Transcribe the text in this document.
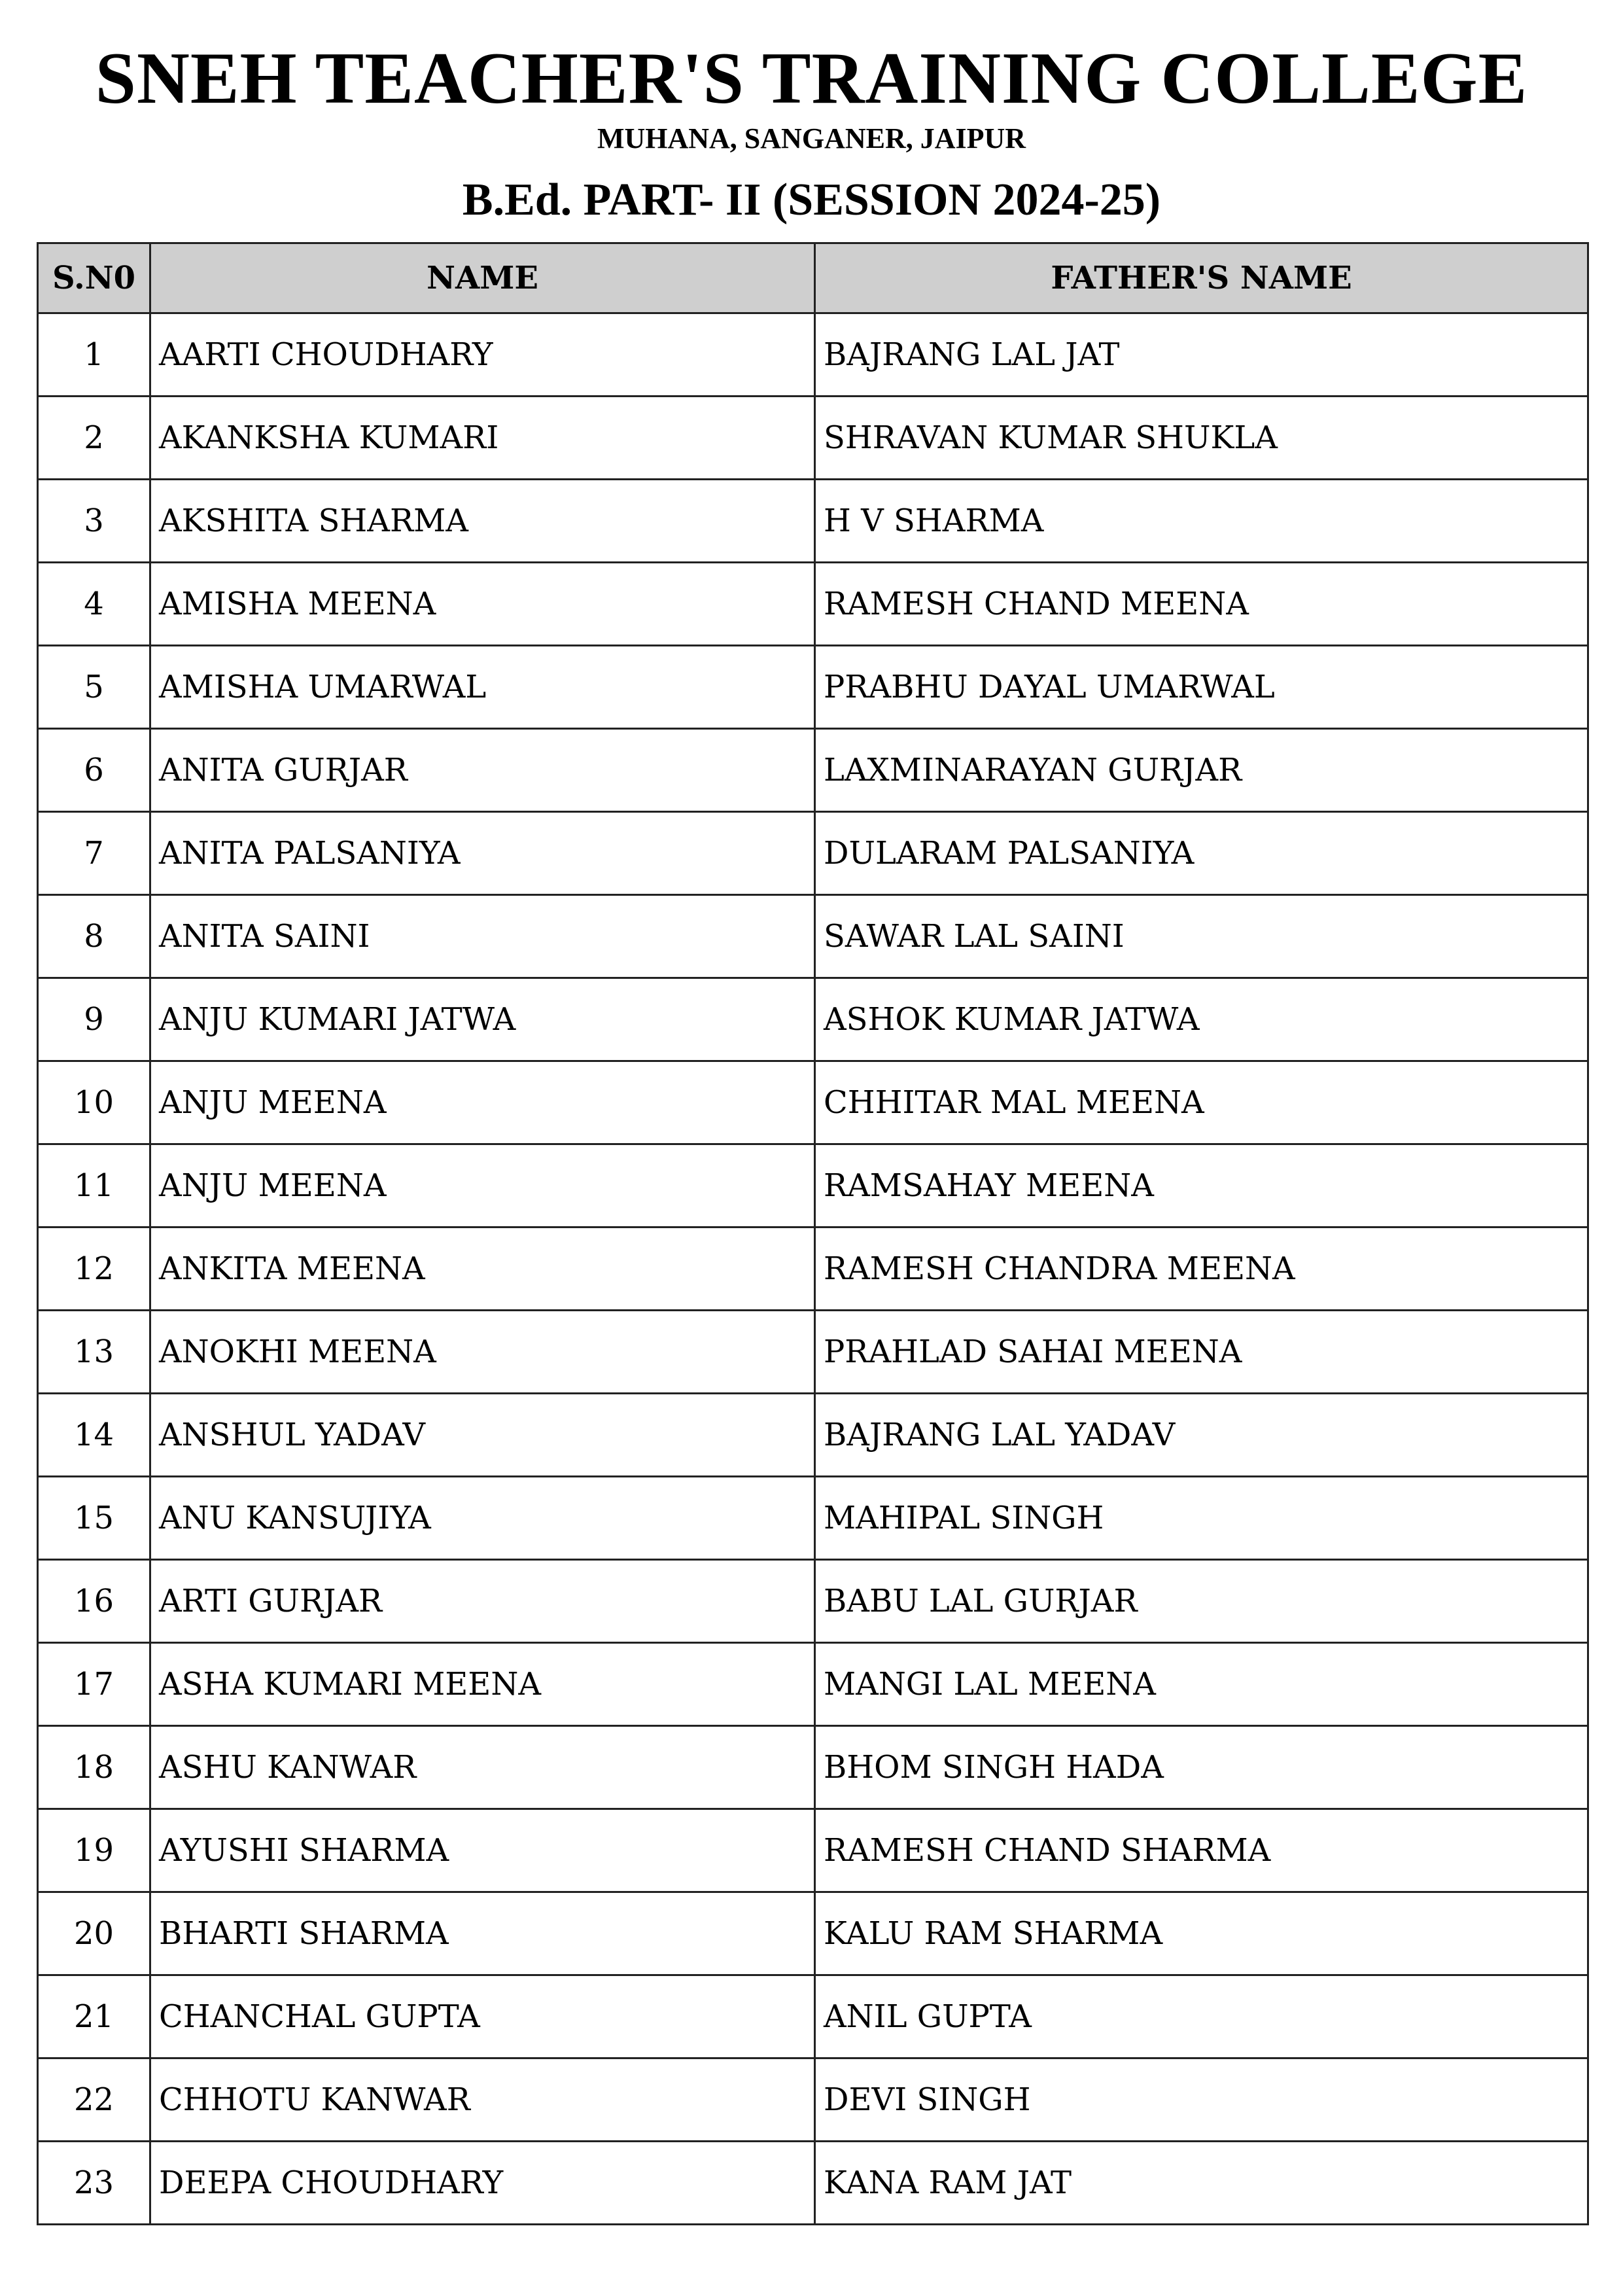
SNEH TEACHER'S TRAINING COLLEGE
MUHANA, SANGANER, JAIPUR
B.Ed. PART- II (SESSION 2024-25)
S.N0	NAME	FATHER'S NAME
1	AARTI CHOUDHARY	BAJRANG LAL JAT
2	AKANKSHA KUMARI	SHRAVAN KUMAR SHUKLA
3	AKSHITA SHARMA	H V SHARMA
4	AMISHA MEENA	RAMESH CHAND MEENA
5	AMISHA UMARWAL	PRABHU DAYAL UMARWAL
6	ANITA GURJAR	LAXMINARAYAN GURJAR
7	ANITA PALSANIYA	DULARAM PALSANIYA
8	ANITA SAINI	SAWAR LAL SAINI
9	ANJU KUMARI JATWA	ASHOK KUMAR JATWA
10	ANJU MEENA	CHHITAR MAL MEENA
11	ANJU MEENA	RAMSAHAY MEENA
12	ANKITA MEENA	RAMESH CHANDRA MEENA
13	ANOKHI MEENA	PRAHLAD SAHAI MEENA
14	ANSHUL YADAV	BAJRANG LAL YADAV
15	ANU KANSUJIYA	MAHIPAL SINGH
16	ARTI GURJAR	BABU LAL GURJAR
17	ASHA KUMARI MEENA	MANGI LAL MEENA
18	ASHU KANWAR	BHOM SINGH HADA
19	AYUSHI SHARMA	RAMESH CHAND SHARMA
20	BHARTI SHARMA	KALU RAM SHARMA
21	CHANCHAL GUPTA	ANIL GUPTA
22	CHHOTU KANWAR	DEVI SINGH
23	DEEPA CHOUDHARY	KANA RAM JAT
